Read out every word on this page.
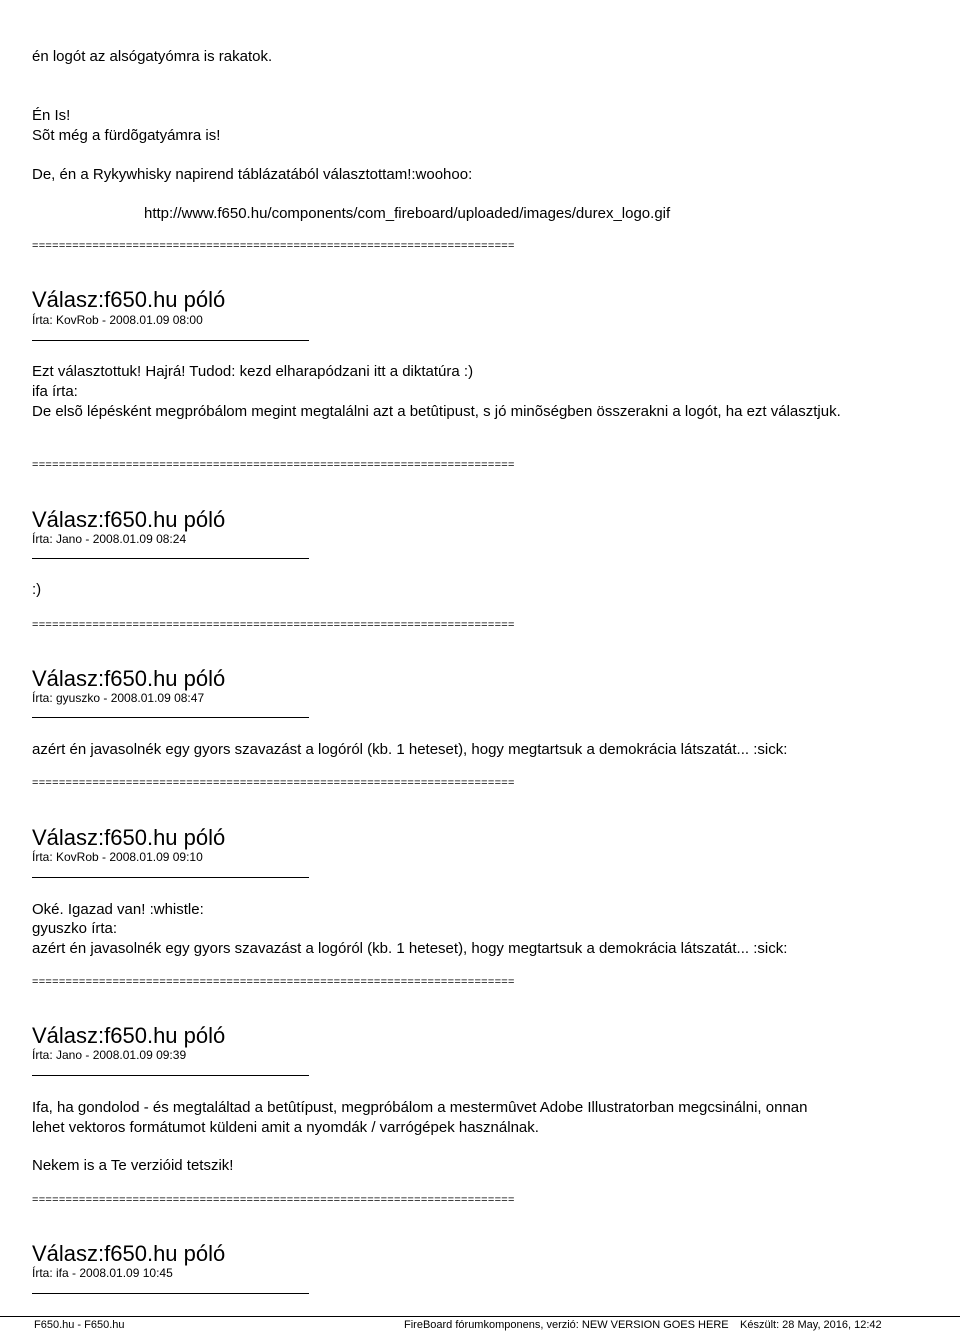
én logót az alsógatyómra is rakatok.
Én Is!
Sõt még a fürdõgatyámra is!
De, én a Rykywhisky napirend táblázatából választottam!:woohoo:
http://www.f650.hu/components/com_fireboard/uploaded/images/durex_logo.gif
========================================================================
Válasz:f650.hu póló
Írta: KovRob - 2008.01.09 08:00
Ezt választottuk! Hajrá! Tudod: kezd elharapódzani itt a diktatúra :)
ifa írta:
De elsõ lépésként megpróbálom megint megtalálni azt a betûtipust, s jó minõségben összerakni a logót, ha ezt választjuk.
========================================================================
Válasz:f650.hu póló
Írta: Jano - 2008.01.09 08:24
:)
========================================================================
Válasz:f650.hu póló
Írta: gyuszko - 2008.01.09 08:47
azért én javasolnék egy gyors szavazást a logóról (kb. 1 heteset), hogy megtartsuk a demokrácia látszatát... :sick:
========================================================================
Válasz:f650.hu póló
Írta: KovRob - 2008.01.09 09:10
Oké. Igazad van! :whistle:
gyuszko írta:
azért én javasolnék egy gyors szavazást a logóról (kb. 1 heteset), hogy megtartsuk a demokrácia látszatát... :sick:
========================================================================
Válasz:f650.hu póló
Írta: Jano - 2008.01.09 09:39
Ifa, ha gondolod - és megtaláltad a betûtípust, megpróbálom a mestermûvet Adobe Illustratorban megcsinálni, onnan
lehet vektoros formátumot küldeni amit a nyomdák / varrógépek használnak.
Nekem is a Te verzióid tetszik!
========================================================================
Válasz:f650.hu póló
Írta: ifa - 2008.01.09 10:45
F650.hu - F650.hu	FireBoard fórumkomponens, verzió: NEW VERSION GOES HERE Készült: 28 May, 2016, 12:42
